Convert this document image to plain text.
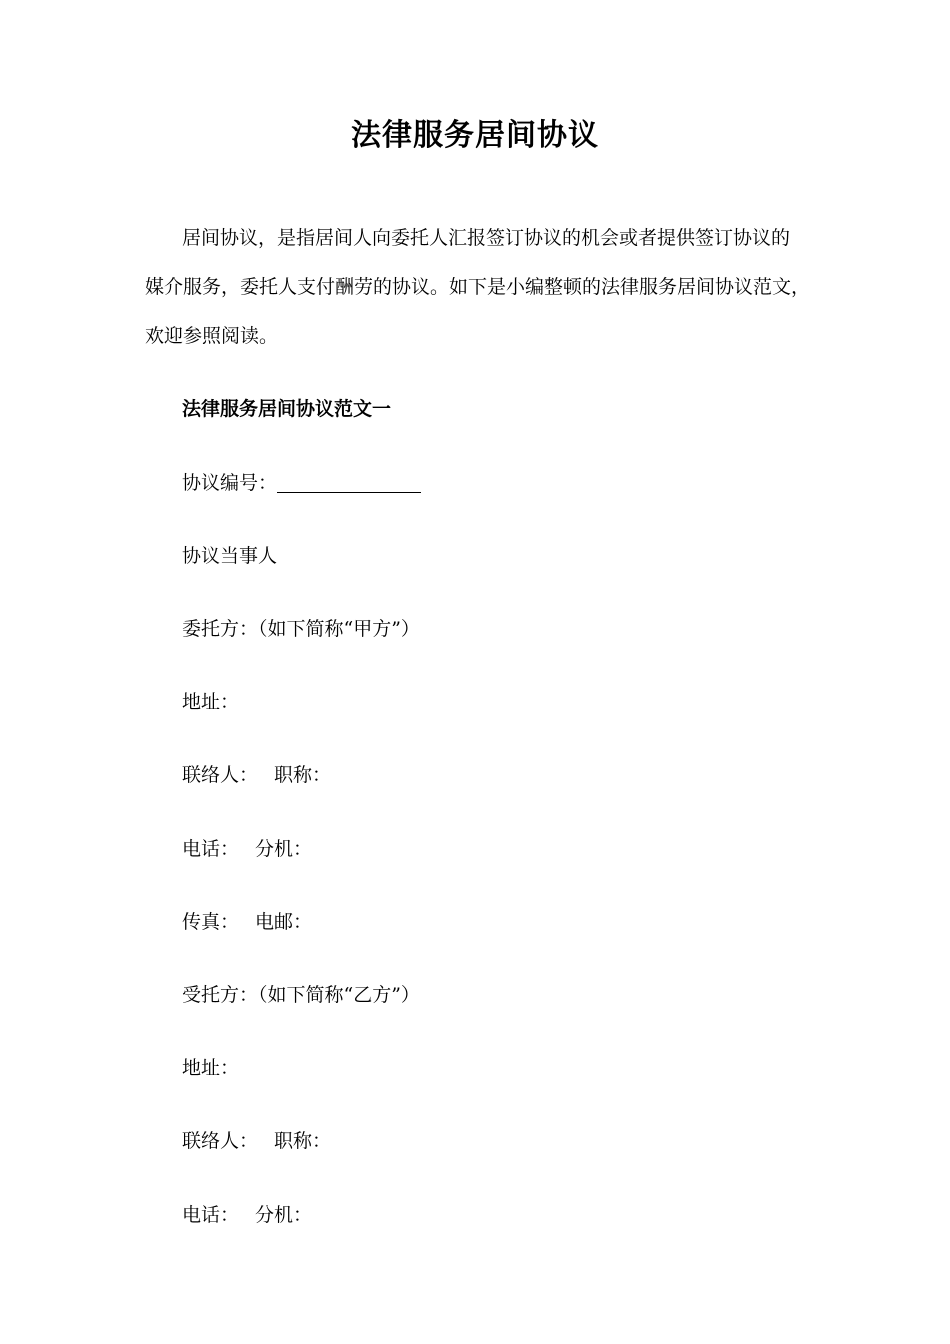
法律服务居间协议
居间协议，是指居间人向委托人汇报签订协议的机会或者提供签订协议的
媒介服务，委托人支付酬劳的协议。如下是小编整顿的法律服务居间协议范文，
欢迎参照阅读。
法律服务居间协议范文一
协议编号：
协议当事人
委托方：（如下简称“甲方”）
地址：
联络人： 职称：
电话： 分机：
传真： 电邮：
受托方：（如下简称“乙方”）
地址：
联络人： 职称：
电话： 分机：
